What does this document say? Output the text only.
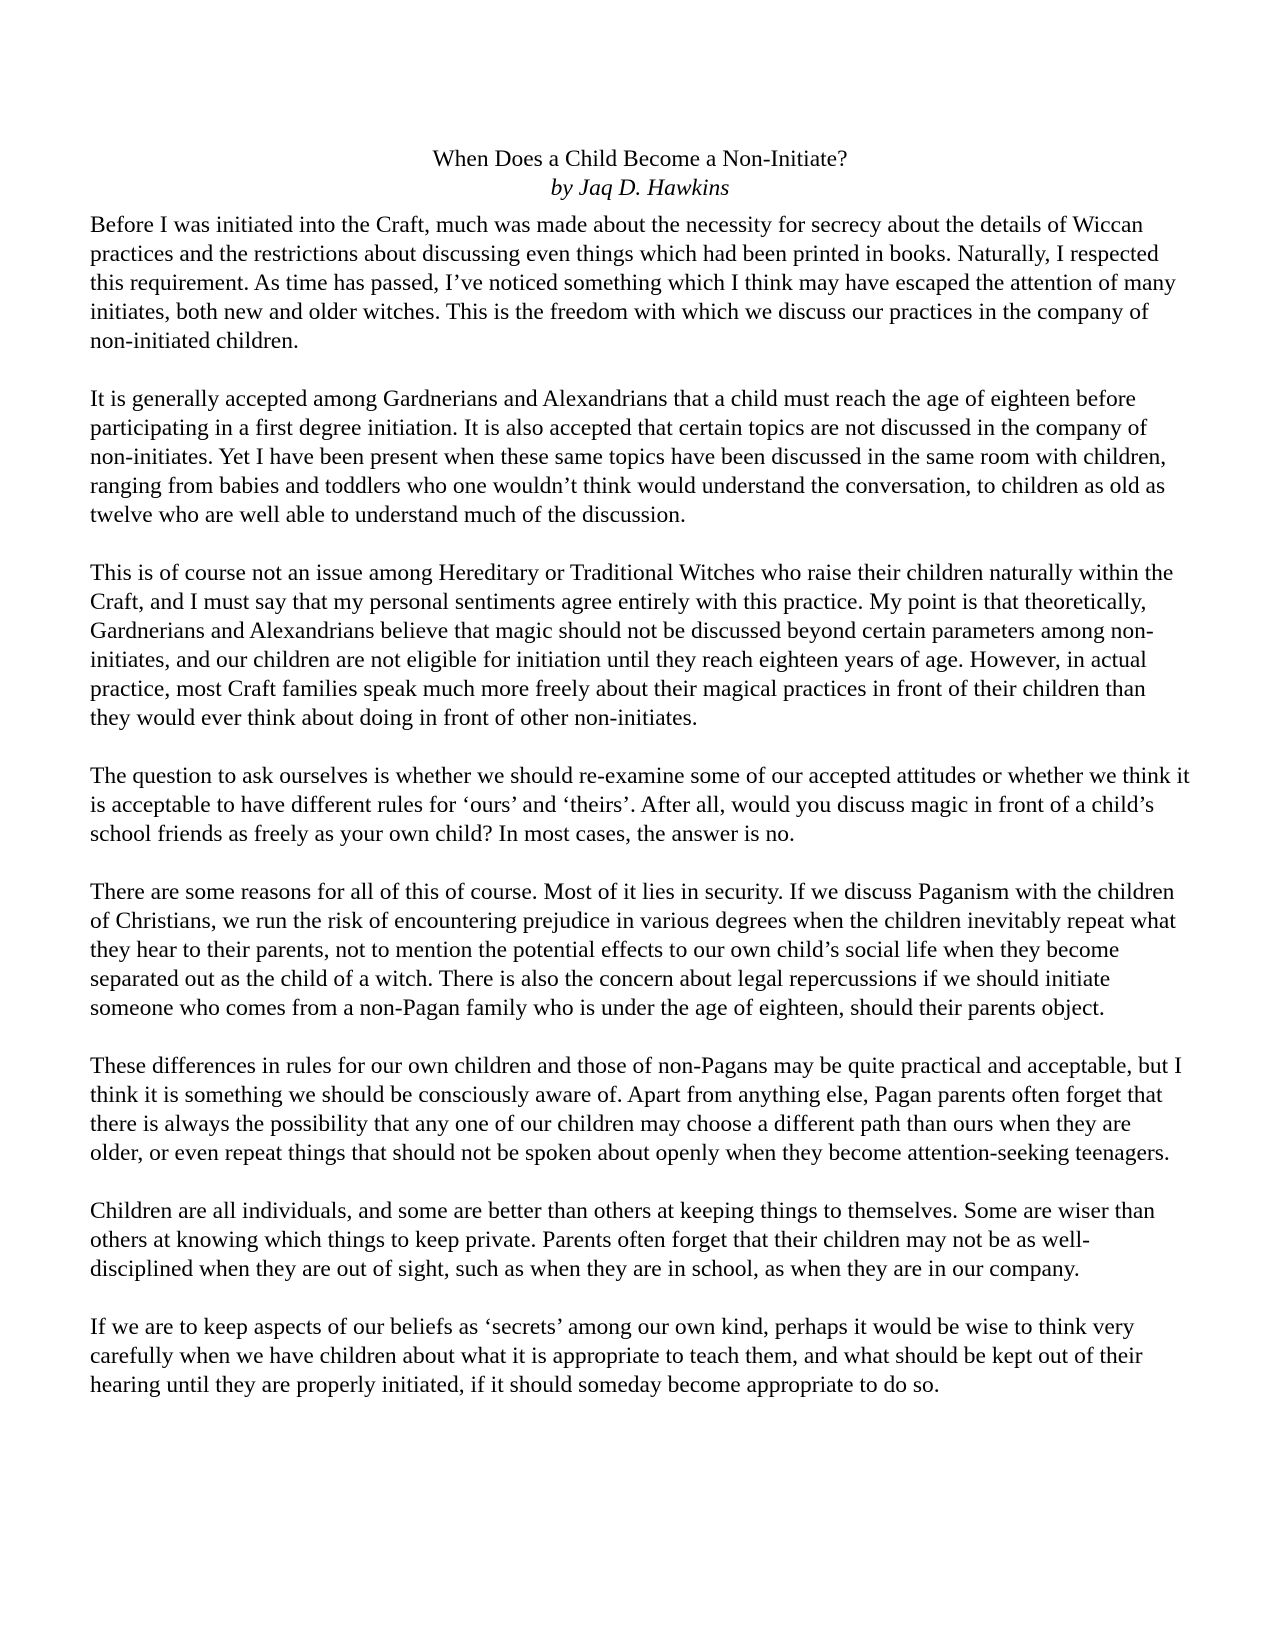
When Does a Child Become a Non-Initiate?
by Jaq D. Hawkins

Before I was initiated into the Craft, much was made about the necessity for secrecy about the details of Wiccan practices and the restrictions about discussing even things which had been printed in books. Naturally, I respected this requirement. As time has passed, I’ve noticed something which I think may have escaped the attention of many initiates, both new and older witches. This is the freedom with which we discuss our practices in the company of non-initiated children.

It is generally accepted among Gardnerians and Alexandrians that a child must reach the age of eighteen before participating in a first degree initiation. It is also accepted that certain topics are not discussed in the company of non-initiates. Yet I have been present when these same topics have been discussed in the same room with children, ranging from babies and toddlers who one wouldn’t think would understand the conversation, to children as old as twelve who are well able to understand much of the discussion.

This is of course not an issue among Hereditary or Traditional Witches who raise their children naturally within the Craft, and I must say that my personal sentiments agree entirely with this practice. My point is that theoretically, Gardnerians and Alexandrians believe that magic should not be discussed beyond certain parameters among non-initiates, and our children are not eligible for initiation until they reach eighteen years of age. However, in actual practice, most Craft families speak much more freely about their magical practices in front of their children than they would ever think about doing in front of other non-initiates.

The question to ask ourselves is whether we should re-examine some of our accepted attitudes or whether we think it is acceptable to have different rules for ‘ours’ and ‘theirs’. After all, would you discuss magic in front of a child’s school friends as freely as your own child? In most cases, the answer is no.

There are some reasons for all of this of course. Most of it lies in security. If we discuss Paganism with the children of Christians, we run the risk of encountering prejudice in various degrees when the children inevitably repeat what they hear to their parents, not to mention the potential effects to our own child’s social life when they become separated out as the child of a witch. There is also the concern about legal repercussions if we should initiate someone who comes from a non-Pagan family who is under the age of eighteen, should their parents object.

These differences in rules for our own children and those of non-Pagans may be quite practical and acceptable, but I think it is something we should be consciously aware of. Apart from anything else, Pagan parents often forget that there is always the possibility that any one of our children may choose a different path than ours when they are older, or even repeat things that should not be spoken about openly when they become attention-seeking teenagers.

Children are all individuals, and some are better than others at keeping things to themselves. Some are wiser than others at knowing which things to keep private. Parents often forget that their children may not be as well-disciplined when they are out of sight, such as when they are in school, as when they are in our company.

If we are to keep aspects of our beliefs as ‘secrets’ among our own kind, perhaps it would be wise to think very carefully when we have children about what it is appropriate to teach them, and what should be kept out of their hearing until they are properly initiated, if it should someday become appropriate to do so.
